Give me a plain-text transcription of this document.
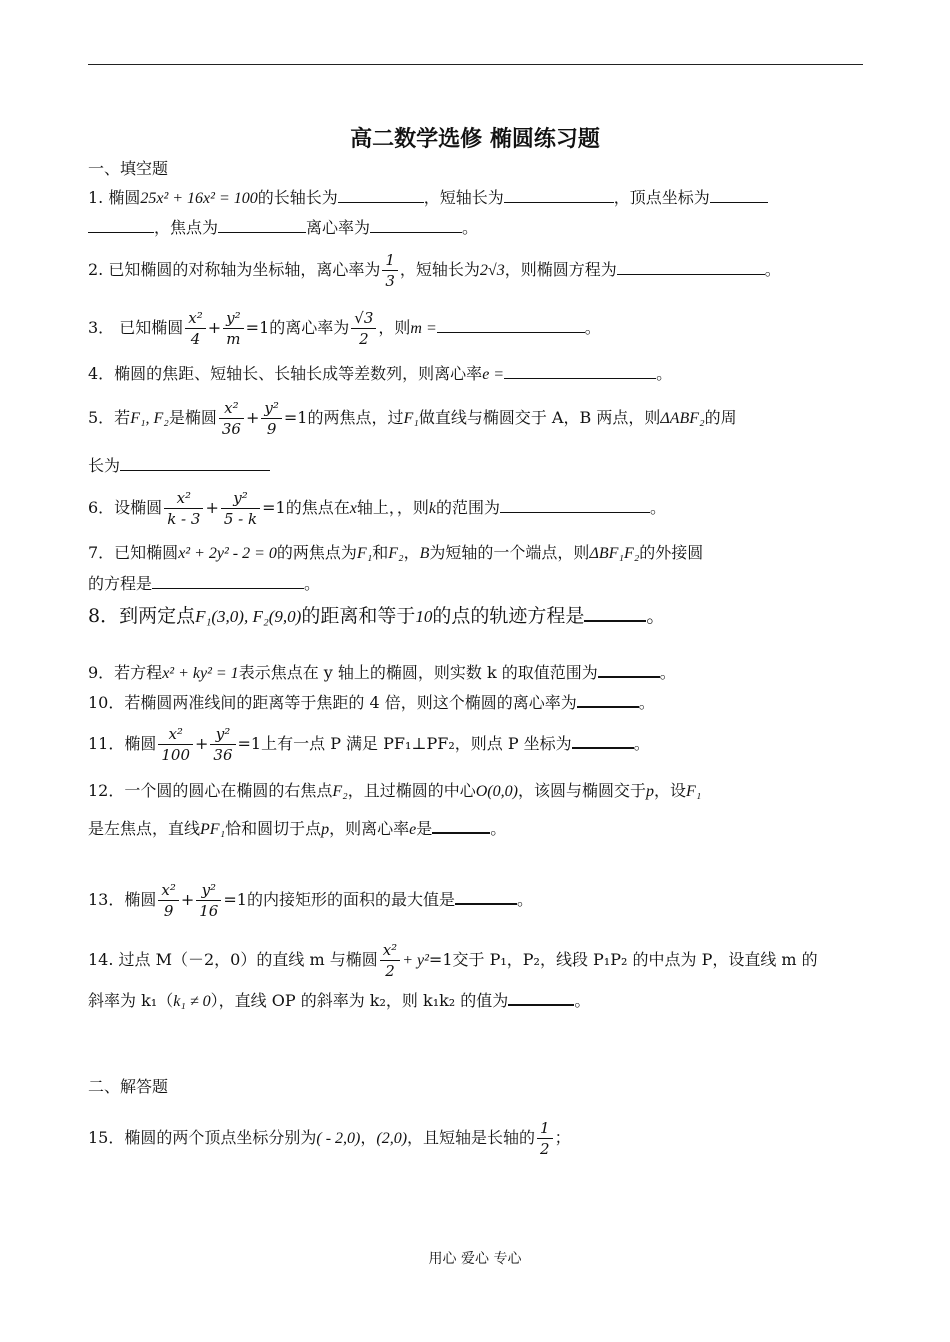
高二数学选修 椭圆练习题
一、填空题
1. 椭圆25x² + 16x² = 100的长轴长为	，短轴长为	，顶点坐标为
，焦点为	离心率为	。
2. 已知椭圆的对称轴为坐标轴，离心率为 $\frac{1}{3}$ ，短轴长为2√3，则椭圆方程为	。
3． 已知椭圆 $\frac{\text{x²}}{4} + \frac{\text{y²}}{m} =1$的离心率为 $\frac{√3}{2}$ ，则m =	。
4．椭圆的焦距、短轴长、长轴长成等差数列，则离心率e =	。
5．若F₁, F₂是椭圆 $\frac{\text{x²}}{36} + \frac{\text{y²}}{9} =1$的两焦点，过F₁做直线与椭圆交于 A，B 两点，则ΔABF₂的周
长为
6．设椭圆 $\frac{\text{x²}}{k - 3} + \frac{\text{y²}}{5 - k} =1$的焦点在x轴上，，则k的范围为	。
7．已知椭圆x² + 2y² - 2 = 0的两焦点为F₁和F₂，B为短轴的一个端点，则ΔBF₁F₂的外接圆
的方程是	。
8．到两定点F₁(3,0), F₂(9,0)的距离和等于10的点的轨迹方程是	。
9．若方程x² + ky² = 1表示焦点在 y 轴上的椭圆，则实数 k 的取值范围为	。
10．若椭圆两准线间的距离等于焦距的 4 倍，则这个椭圆的离心率为	。
11．椭圆 $\frac{\text{x²}}{100} + \frac{\text{y²}}{36} =1$上有一点 P 满足 PF₁⊥PF₂，则点 P 坐标为	。
12．一个圆的圆心在椭圆的右焦点F₂，且过椭圆的中心O(0,0)，该圆与椭圆交于p，设F₁
是左焦点，直线PF₁恰和圆切于点p，则离心率e是	。
13．椭圆 $\frac{\text{x²}}{9} + \frac{\text{y²}}{16} =1$的内接矩形的面积的最大值是	。
14. 过点 M（－2，0）的直线 m 与椭圆 $\frac{\text{x²}}{2} + y^2=1$交于 P₁，P₂，线段 P₁P₂ 的中点为 P，设直线 m 的
斜率为 k₁（k₁ ≠ 0），直线 OP 的斜率为 k₂，则 k₁k₂ 的值为	。
二、解答题
15．椭圆的两个顶点坐标分别为( - 2,0)，(2,0)，且短轴是长轴的 $\frac{1}{2}$ ；
用心 爱心 专心
